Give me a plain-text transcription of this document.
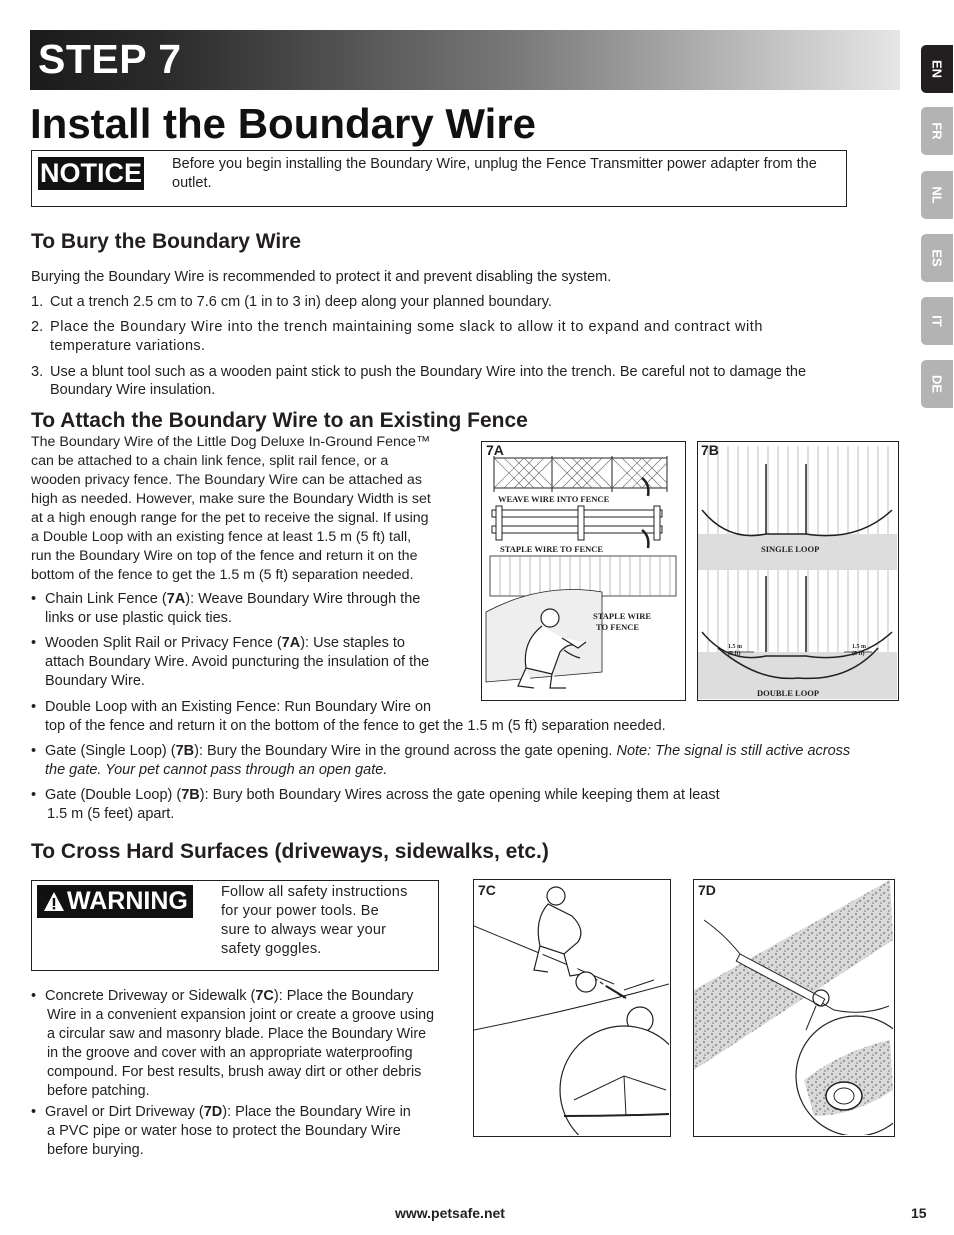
STEP 7
Install the Boundary Wire
EN
FR
NL
ES
IT
DE
NOTICE Before you begin installing the Boundary Wire, unplug the Fence Transmitter power adapter from the outlet.
To Bury the Boundary Wire
Burying the Boundary Wire is recommended to protect it and prevent disabling the system.
1. Cut a trench 2.5 cm to 7.6 cm (1 in to 3 in) deep along your planned boundary.
2. Place the Boundary Wire into the trench maintaining some slack to allow it to expand and contract with
temperature variations.
3. Use a blunt tool such as a wooden paint stick to push the Boundary Wire into the trench. Be careful not to damage the
Boundary Wire insulation.
To Attach the Boundary Wire to an Existing Fence
The Boundary Wire of the Little Dog Deluxe In-Ground Fence™
can be attached to a chain link fence, split rail fence, or a
wooden privacy fence. The Boundary Wire can be attached as
high as needed. However, make sure the Boundary Width is set
at a high enough range for the pet to receive the signal. If using
a Double Loop with an existing fence at least 1.5 m (5 ft) tall,
run the Boundary Wire on top of the fence and return it on the
bottom of the fence to get the 1.5 m (5 ft) separation needed.
• Chain Link Fence (7A): Weave Boundary Wire through the
links or use plastic quick ties.
• Wooden Split Rail or Privacy Fence (7A): Use staples to
attach Boundary Wire. Avoid puncturing the insulation of the
Boundary Wire.
• Double Loop with an Existing Fence: Run Boundary Wire on
top of the fence and return it on the bottom of the fence to get the 1.5 m (5 ft) separation needed.
• Gate (Single Loop) (7B): Bury the Boundary Wire in the ground across the gate opening. Note: The signal is still active across
the gate. Your pet cannot pass through an open gate.
• Gate (Double Loop) (7B): Bury both Boundary Wires across the gate opening while keeping them at least
1.5 m (5 feet) apart.
7A
WEAVE WIRE INTO FENCE
STAPLE WIRE TO FENCE
STAPLE WIRE
TO FENCE
7B
SINGLE LOOP
DOUBLE LOOP
1.5 m
(5 ft)
1.5 m
(5 ft)
To Cross Hard Surfaces (driveways, sidewalks, etc.)
WARNING Follow all safety instructions
for your power tools. Be
sure to always wear your
safety goggles.
• Concrete Driveway or Sidewalk (7C): Place the Boundary
Wire in a convenient expansion joint or create a groove using
a circular saw and masonry blade. Place the Boundary Wire
in the groove and cover with an appropriate waterproofing
compound. For best results, brush away dirt or other debris
before patching.
• Gravel or Dirt Driveway (7D): Place the Boundary Wire in
a PVC pipe or water hose to protect the Boundary Wire
before burying.
7C	7D
www.petsafe.net	15
